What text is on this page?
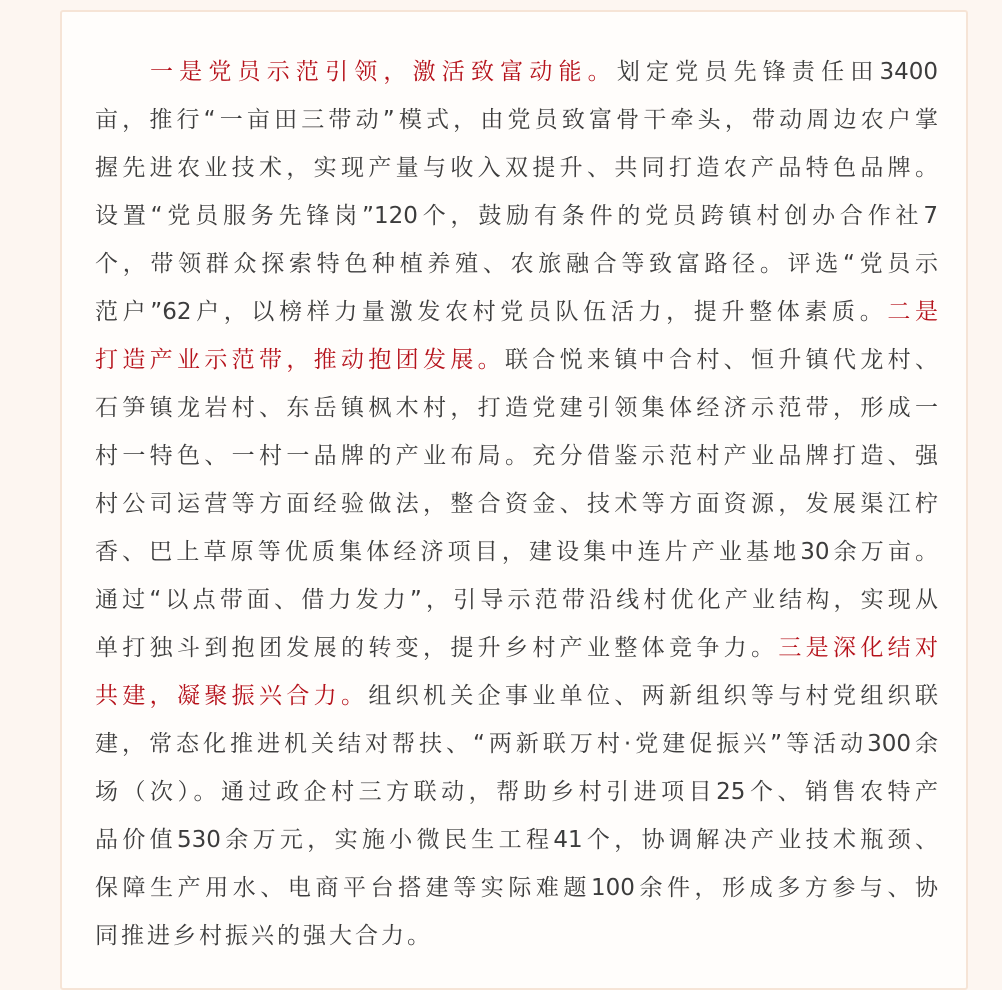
一是党员示范引领，激活致富动能。划定党员先锋责任田3400
亩，推行“一亩田三带动”模式，由党员致富骨干牵头，带动周边农户掌
握先进农业技术，实现产量与收入双提升、共同打造农产品特色品牌。
设置“党员服务先锋岗”120个，鼓励有条件的党员跨镇村创办合作社7
个，带领群众探索特色种植养殖、农旅融合等致富路径。评选“党员示
范户”62户，以榜样力量激发农村党员队伍活力，提升整体素质。二是
打造产业示范带，推动抱团发展。联合悦来镇中合村、恒升镇代龙村、
石笋镇龙岩村、东岳镇枫木村，打造党建引领集体经济示范带，形成一
村一特色、一村一品牌的产业布局。充分借鉴示范村产业品牌打造、强
村公司运营等方面经验做法，整合资金、技术等方面资源，发展渠江柠
香、巴上草原等优质集体经济项目，建设集中连片产业基地30余万亩。
通过“以点带面、借力发力”，引导示范带沿线村优化产业结构，实现从
单打独斗到抱团发展的转变，提升乡村产业整体竞争力。三是深化结对
共建，凝聚振兴合力。组织机关企事业单位、两新组织等与村党组织联
建，常态化推进机关结对帮扶、“两新联万村·党建促振兴”等活动300余
场（次）。通过政企村三方联动，帮助乡村引进项目25个、销售农特产
品价值530余万元，实施小微民生工程41个，协调解决产业技术瓶颈、
保障生产用水、电商平台搭建等实际难题100余件，形成多方参与、协
同推进乡村振兴的强大合力。
